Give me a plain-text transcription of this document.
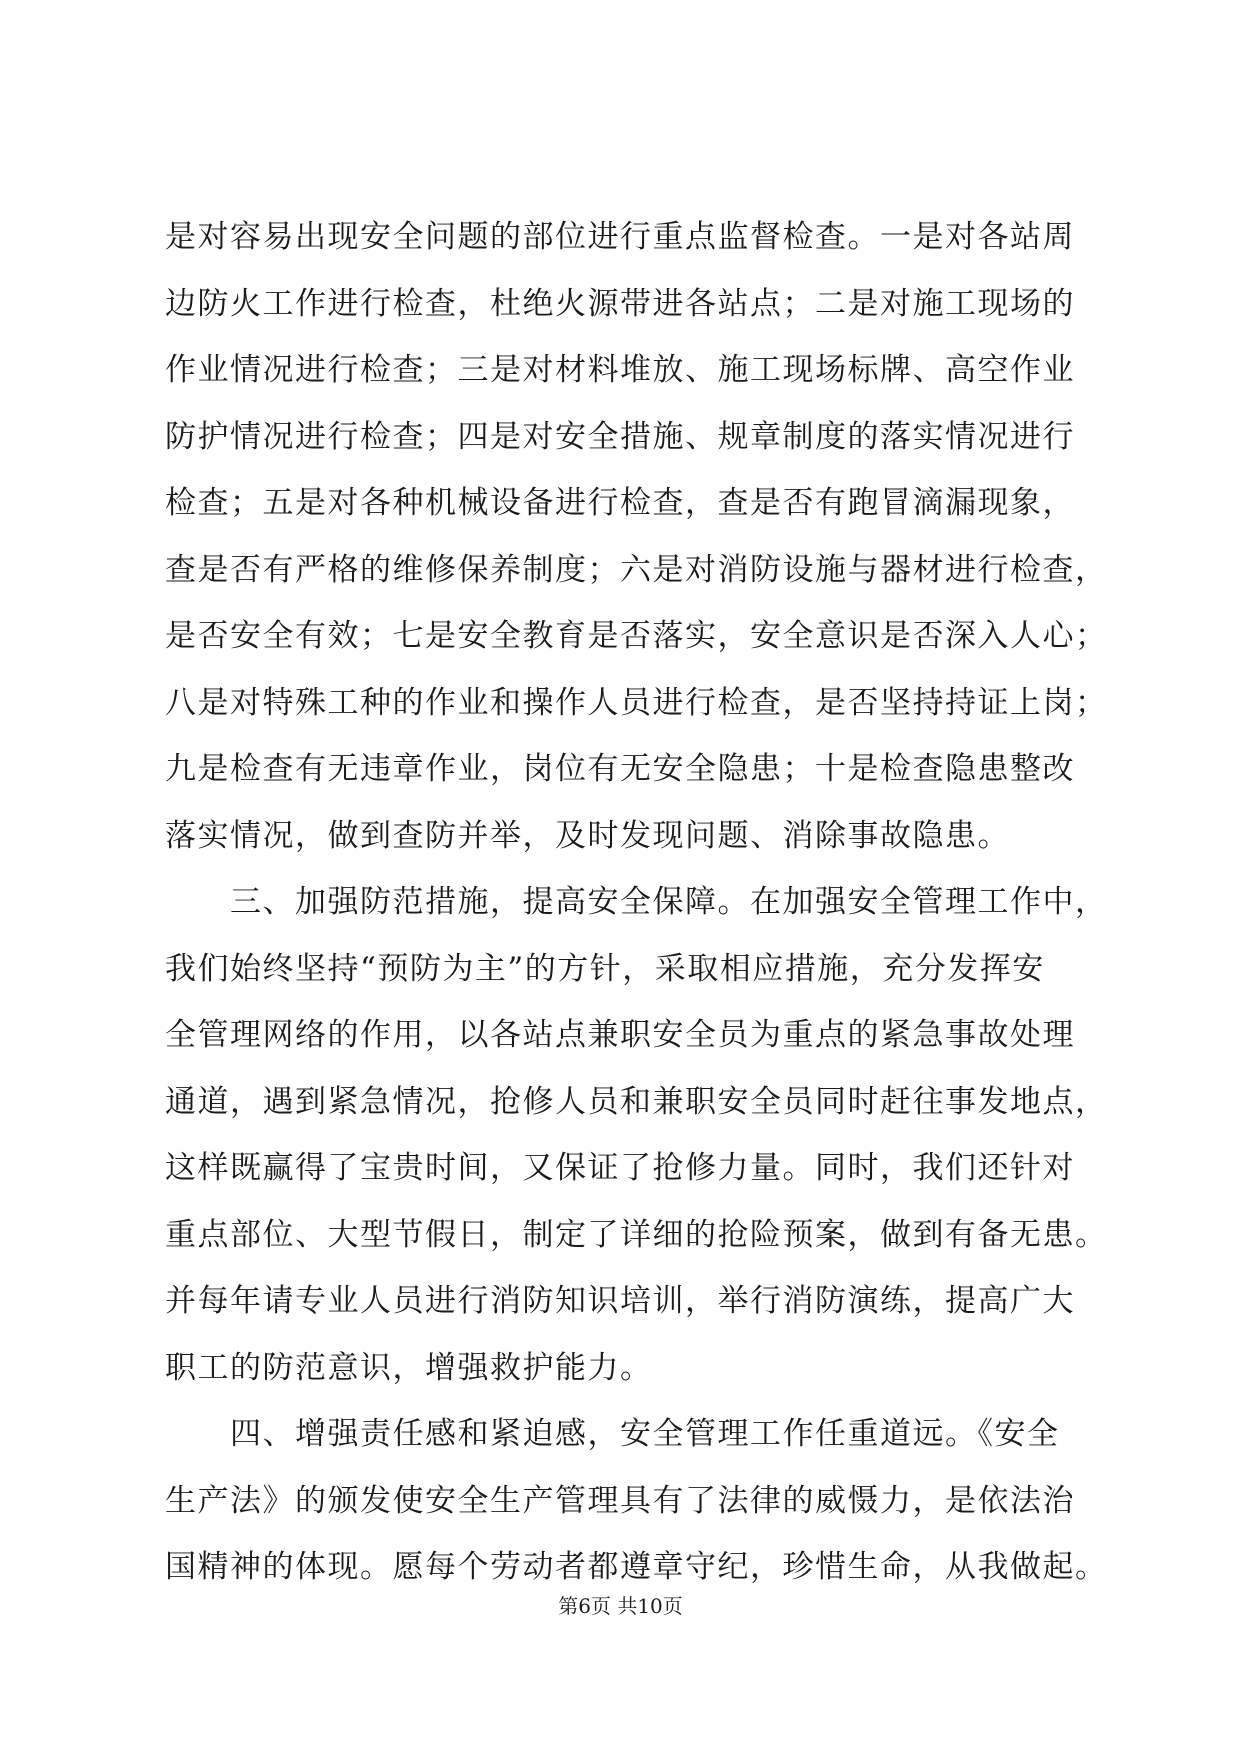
是对容易出现安全问题的部位进行重点监督检查。一是对各站周
边防火工作进行检查，杜绝火源带进各站点；二是对施工现场的
作业情况进行检查；三是对材料堆放、施工现场标牌、高空作业
防护情况进行检查；四是对安全措施、规章制度的落实情况进行
检查；五是对各种机械设备进行检查，查是否有跑冒滴漏现象，
查是否有严格的维修保养制度；六是对消防设施与器材进行检查，
是否安全有效；七是安全教育是否落实，安全意识是否深入人心；
八是对特殊工种的作业和操作人员进行检查，是否坚持持证上岗；
九是检查有无违章作业，岗位有无安全隐患；十是检查隐患整改
落实情况，做到查防并举，及时发现问题、消除事故隐患。
　　三、加强防范措施，提高安全保障。在加强安全管理工作中，
我们始终坚持“预防为主”的方针，采取相应措施，充分发挥安
全管理网络的作用，以各站点兼职安全员为重点的紧急事故处理
通道，遇到紧急情况，抢修人员和兼职安全员同时赶往事发地点，
这样既赢得了宝贵时间，又保证了抢修力量。同时，我们还针对
重点部位、大型节假日，制定了详细的抢险预案，做到有备无患。
并每年请专业人员进行消防知识培训，举行消防演练，提高广大
职工的防范意识，增强救护能力。
　　四、增强责任感和紧迫感，安全管理工作任重道远。《安全
生产法》的颁发使安全生产管理具有了法律的威慑力，是依法治
国精神的体现。愿每个劳动者都遵章守纪，珍惜生命，从我做起。
第6页 共10页
